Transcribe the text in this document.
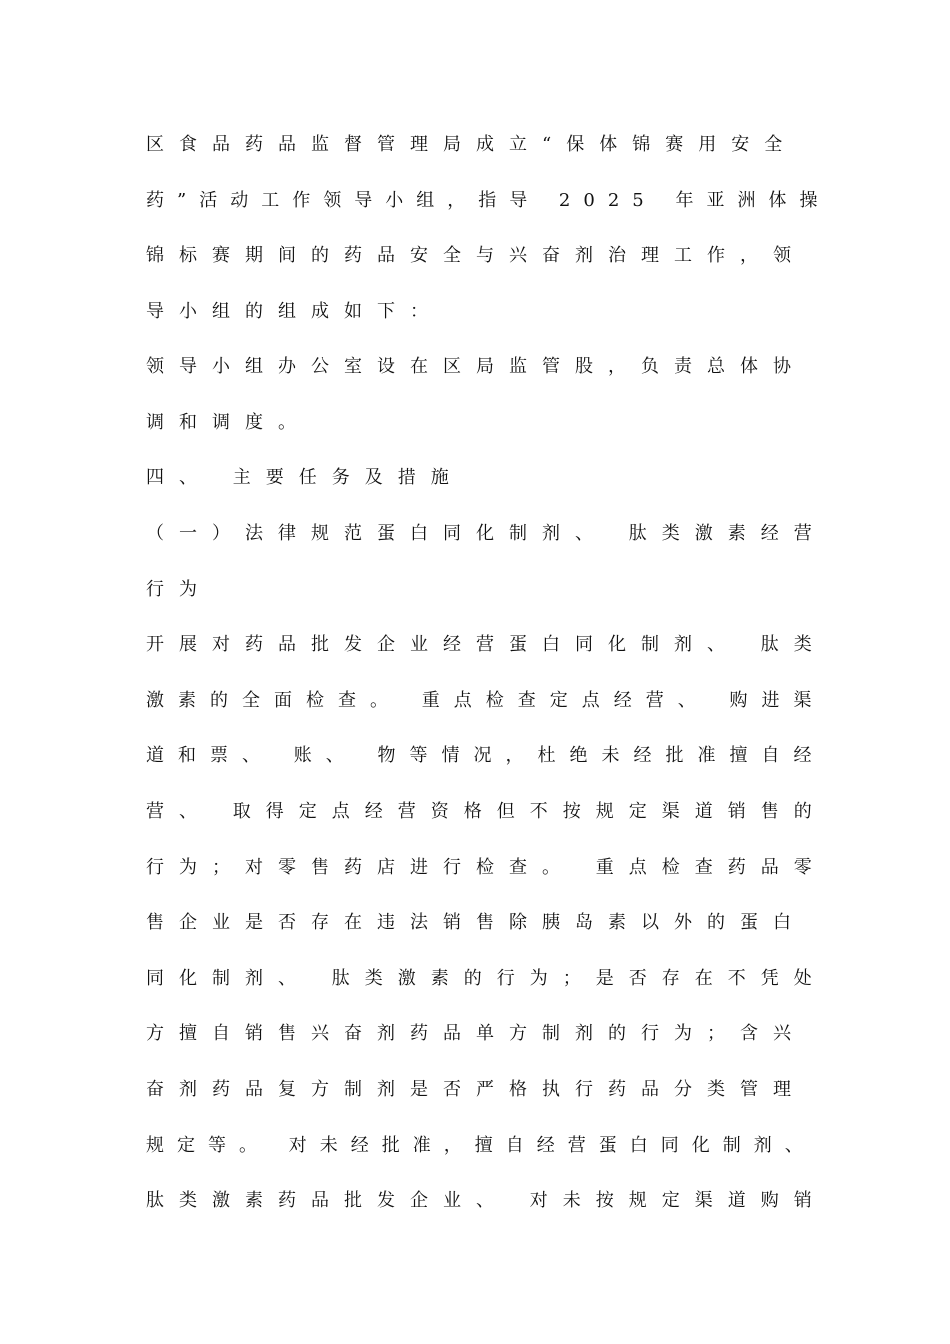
区食品药品监督管理局成立“保体锦赛用安全
药”活动工作领导小组，指导 2025 年亚洲体操
锦标赛期间的药品安全与兴奋剂治理工作，领
导小组的组成如下：
领导小组办公室设在区局监管股，负责总体协
调和调度。
四、 主要任务及措施
（一）法律规范蛋白同化制剂、 肽类激素经营
行为
开展对药品批发企业经营蛋白同化制剂、 肽类
激素的全面检查。 重点检查定点经营、 购进渠
道和票、 账、 物等情况，杜绝未经批准擅自经
营、 取得定点经营资格但不按规定渠道销售的
行为；对零售药店进行检查。 重点检查药品零
售企业是否存在违法销售除胰岛素以外的蛋白
同化制剂、 肽类激素的行为；是否存在不凭处
方擅自销售兴奋剂药品单方制剂的行为；含兴
奋剂药品复方制剂是否严格执行药品分类管理
规定等。 对未经批准，擅自经营蛋白同化制剂、
肽类激素药品批发企业、 对未按规定渠道购销
